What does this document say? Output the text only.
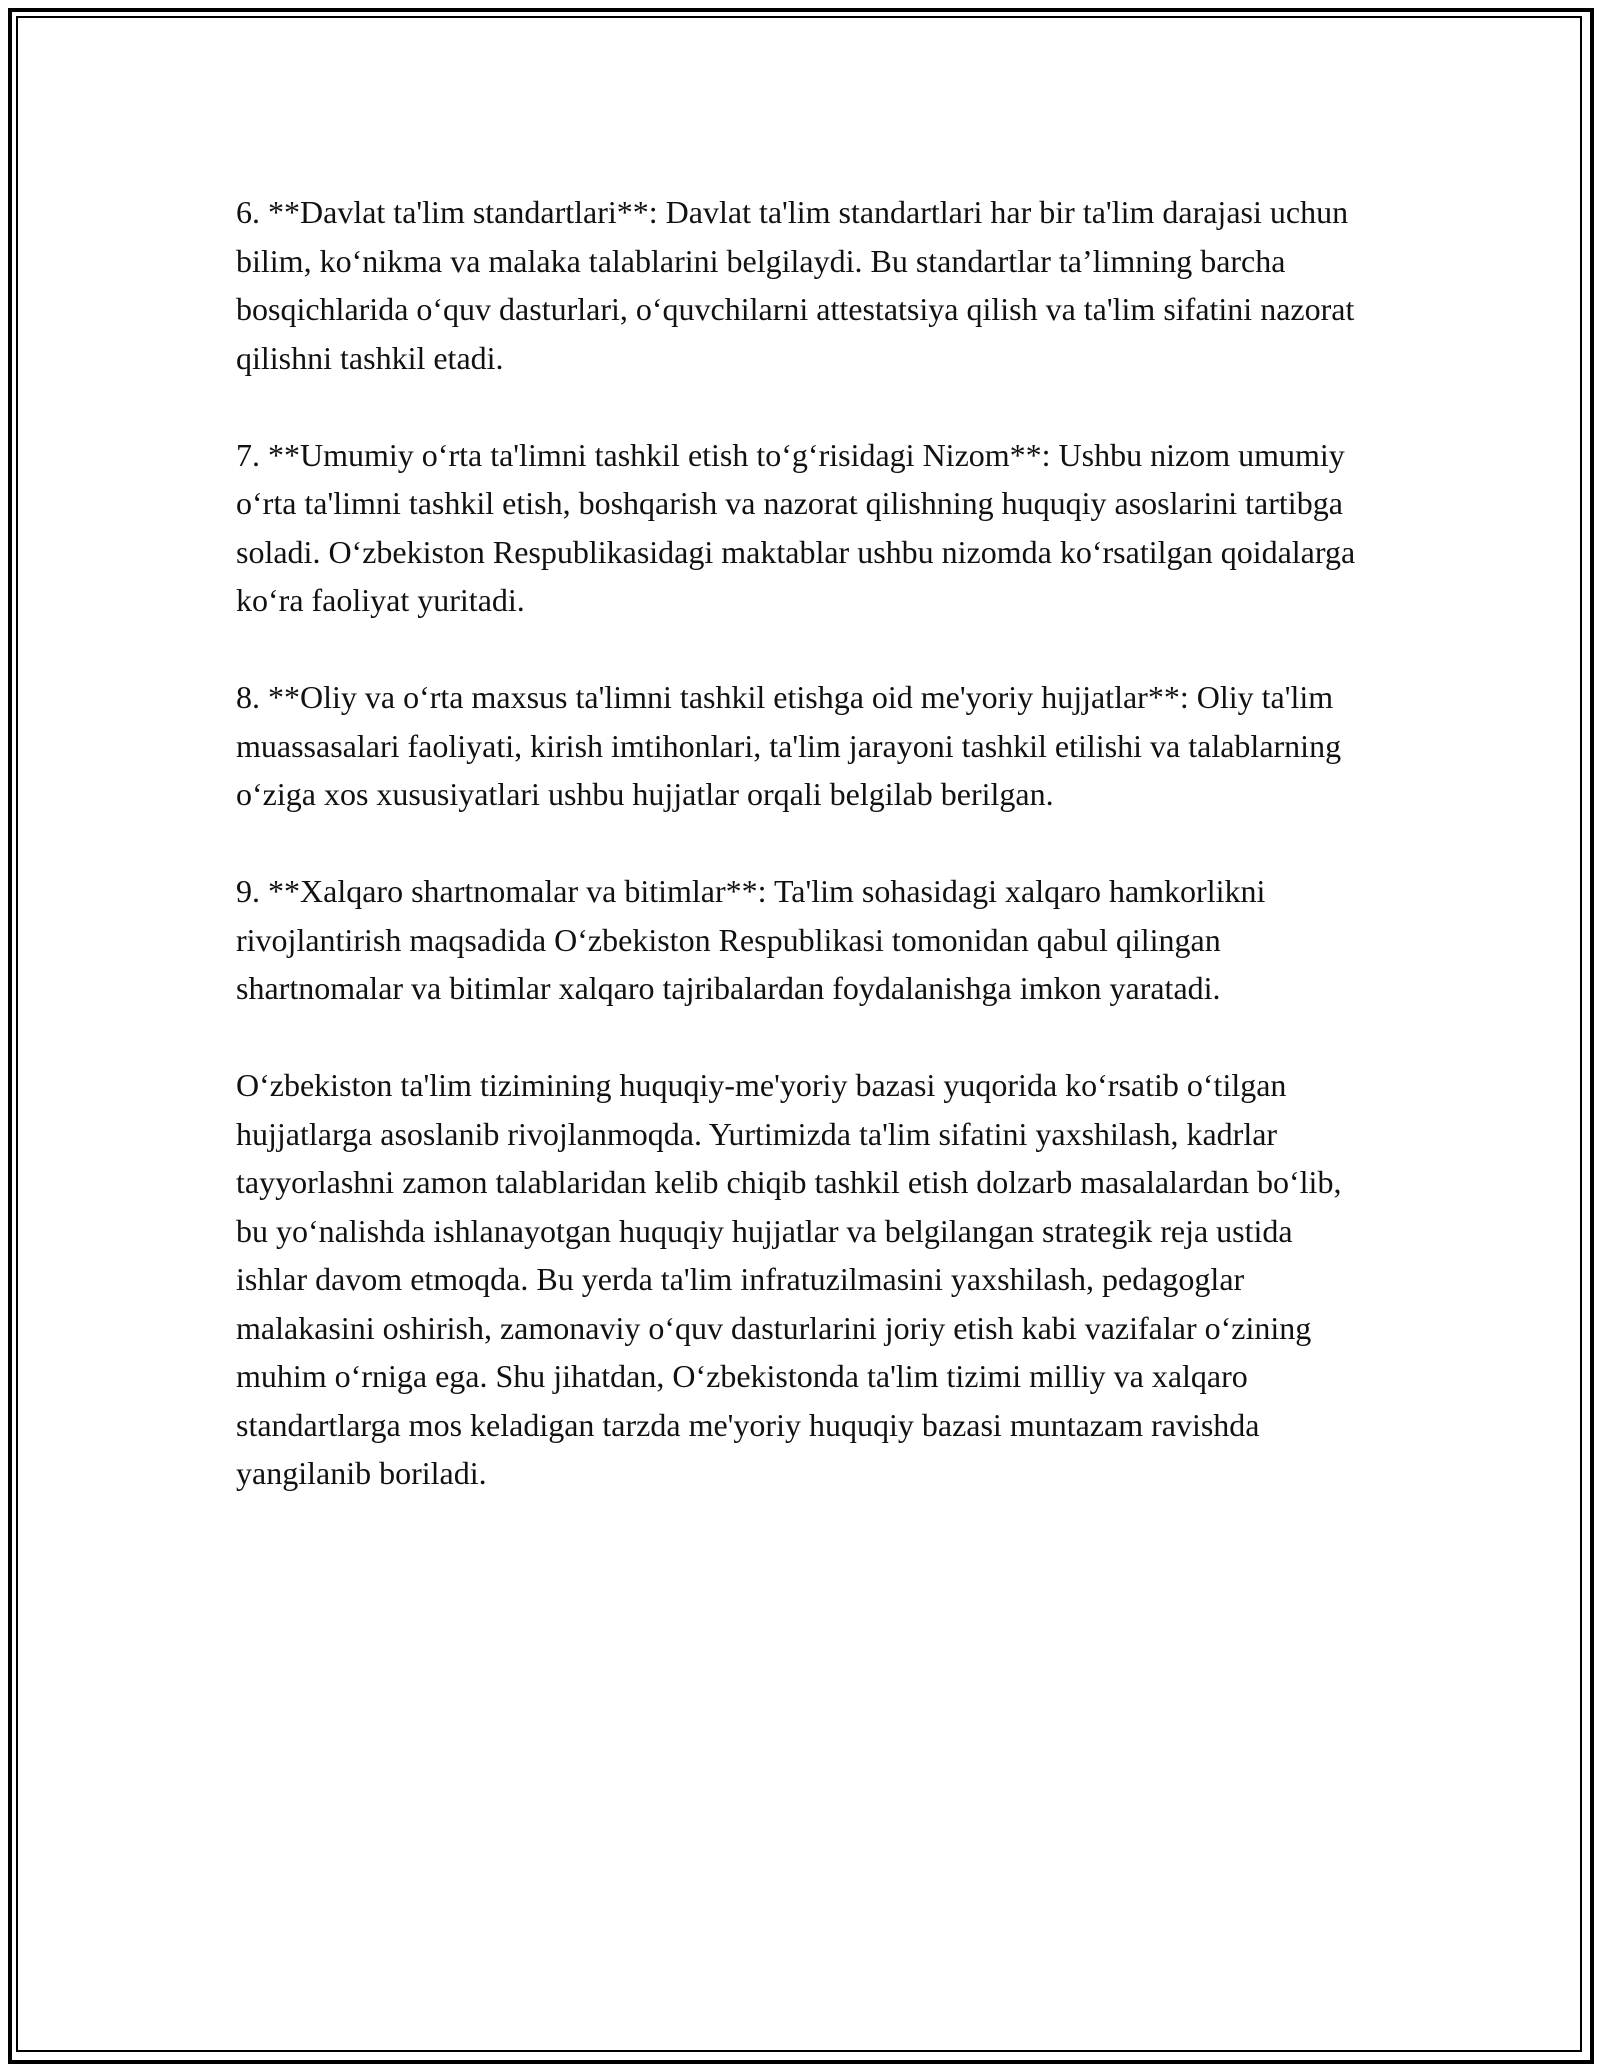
6. **Davlat ta'lim standartlari**: Davlat ta'lim standartlari har bir ta'lim darajasi uchun bilim, koʻnikma va malaka talablarini belgilaydi. Bu standartlar ta’limning barcha bosqichlarida oʻquv dasturlari, oʻquvchilarni attestatsiya qilish va ta'lim sifatini nazorat qilishni tashkil etadi.

7. **Umumiy oʻrta ta'limni tashkil etish toʻgʻrisidagi Nizom**: Ushbu nizom umumiy oʻrta ta'limni tashkil etish, boshqarish va nazorat qilishning huquqiy asoslarini tartibga soladi. Oʻzbekiston Respublikasidagi maktablar ushbu nizomda koʻrsatilgan qoidalarga koʻra faoliyat yuritadi.

8. **Oliy va oʻrta maxsus ta'limni tashkil etishga oid me'yoriy hujjatlar**: Oliy ta'lim muassasalari faoliyati, kirish imtihonlari, ta'lim jarayoni tashkil etilishi va talablarning oʻziga xos xususiyatlari ushbu hujjatlar orqali belgilab berilgan.

9. **Xalqaro shartnomalar va bitimlar**: Ta'lim sohasidagi xalqaro hamkorlikni rivojlantirish maqsadida Oʻzbekiston Respublikasi tomonidan qabul qilingan shartnomalar va bitimlar xalqaro tajribalardan foydalanishga imkon yaratadi.

Oʻzbekiston ta'lim tizimining huquqiy-me'yoriy bazasi yuqorida koʻrsatib oʻtilgan hujjatlarga asoslanib rivojlanmoqda. Yurtimizda ta'lim sifatini yaxshilash, kadrlar tayyorlashni zamon talablaridan kelib chiqib tashkil etish dolzarb masalalardan boʻlib, bu yoʻnalishda ishlanayotgan huquqiy hujjatlar va belgilangan strategik reja ustida ishlar davom etmoqda. Bu yerda ta'lim infratuzilmasini yaxshilash, pedagoglar malakasini oshirish, zamonaviy oʻquv dasturlarini joriy etish kabi vazifalar oʻzining muhim oʻrniga ega. Shu jihatdan, Oʻzbekistonda ta'lim tizimi milliy va xalqaro standartlarga mos keladigan tarzda me'yoriy huquqiy bazasi muntazam ravishda yangilanib boriladi.
